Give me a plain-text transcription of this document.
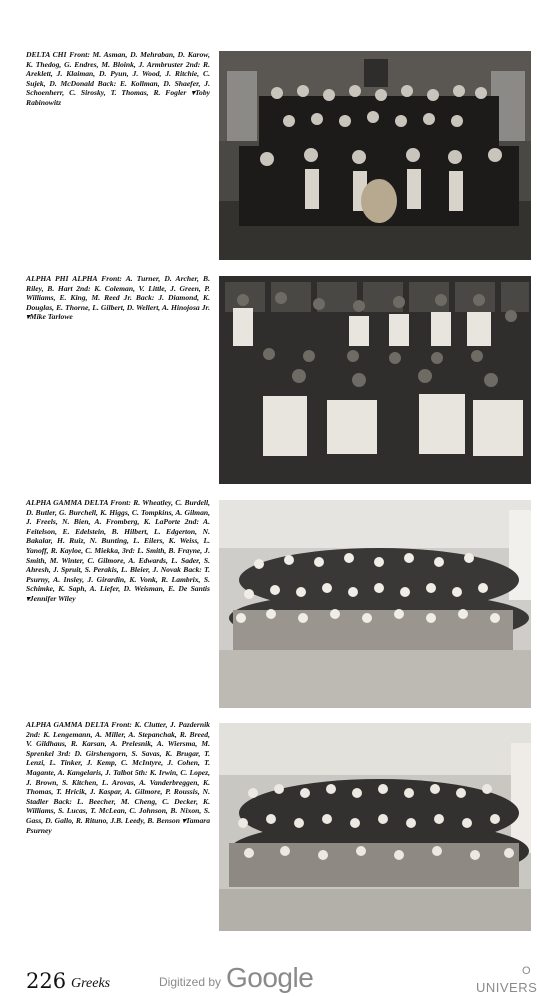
DELTA CHI Front: M. Asman, D. Mehraban, D. Karow, K. Thedog, G. Endres, M. Bloink, J. Armbruster 2nd: R. Areklett, J. Klaiman, D. Pyun, J. Wood, J. Ritchie, C. Sujek, D. McDonald Back: E. Kollman, D. Shaefer, J. Schoenherr, C. Sirosky, T. Thomas, R. Fogler ▾Toby Rabinowitz
ALPHA PHI ALPHA Front: A. Turner, D. Archer, B. Riley, B. Hart 2nd: K. Coleman, V. Little, J. Green, P. Williams, E. King, M. Reed Jr. Back: J. Diamond, K. Douglas, E. Thorne, L. Gilbert, D. Wellert, A. Hinojosa Jr. ▾Mike Tarlowe
ALPHA GAMMA DELTA Front: R. Wheatley, C. Burdell, D. Butler, G. Burchell, K. Higgs, C. Tompkins, A. Gilman, J. Freels, N. Bien, A. Fromberg, K. LaPorte 2nd: A. Feitelson, E. Edelstein, B. Hilbert, L. Edgerton, N. Bakalar, H. Ruiz, N. Bunting, L. Eilers, K. Weiss, L. Yanoff, R. Kayloe, C. Miekka, 3rd: L. Smith, B. Frayne, J. Smith, M. Winter, C. Gilmore, A. Edwards, L. Sader, S. Ahresh, J. Spruit, S. Perakis, L. Bleier, J. Novak Back: T. Psurny, A. Insley, J. Girardin, K. Vonk, R. Lambrix, S. Schimke, K. Saph, A. Liefer, D. Weisman, E. De Santis ▾Jennifer Wiley
ALPHA GAMMA DELTA Front: K. Clutter, J. Pazdernik 2nd: K. Lengemann, A. Miller, A. Stepanchak, R. Breed, V. Gildhaus, R. Karsan, A. Prelesnik, A. Wiersma, M. Sprenkel 3rd: D. Girshengorn, S. Savas, K. Brugar, T. Lenzi, L. Tinker, J. Kemp, C. McIntyre, J. Cohen, T. Magante, A. Kangelaris, J. Talbot 5th: K. Irwin, C. Lopez, J. Brown, S. Kitchen, L. Arovas, A. Vanderbreggen, K. Thomas, T. Hricik, J. Kaspar, A. Gilmore, P. Roussis, N. Stadler Back: L. Beecher, M. Cheng, C. Decker, K. Williams, S. Lucas, T. McLean, C. Johnson, B. Nixon, S. Gass, D. Gallo, R. Rituno, J.B. Leedy, B. Benson ▾Tamara Psurney
226 Greeks	Digitized by Google	O
UNIVERS
